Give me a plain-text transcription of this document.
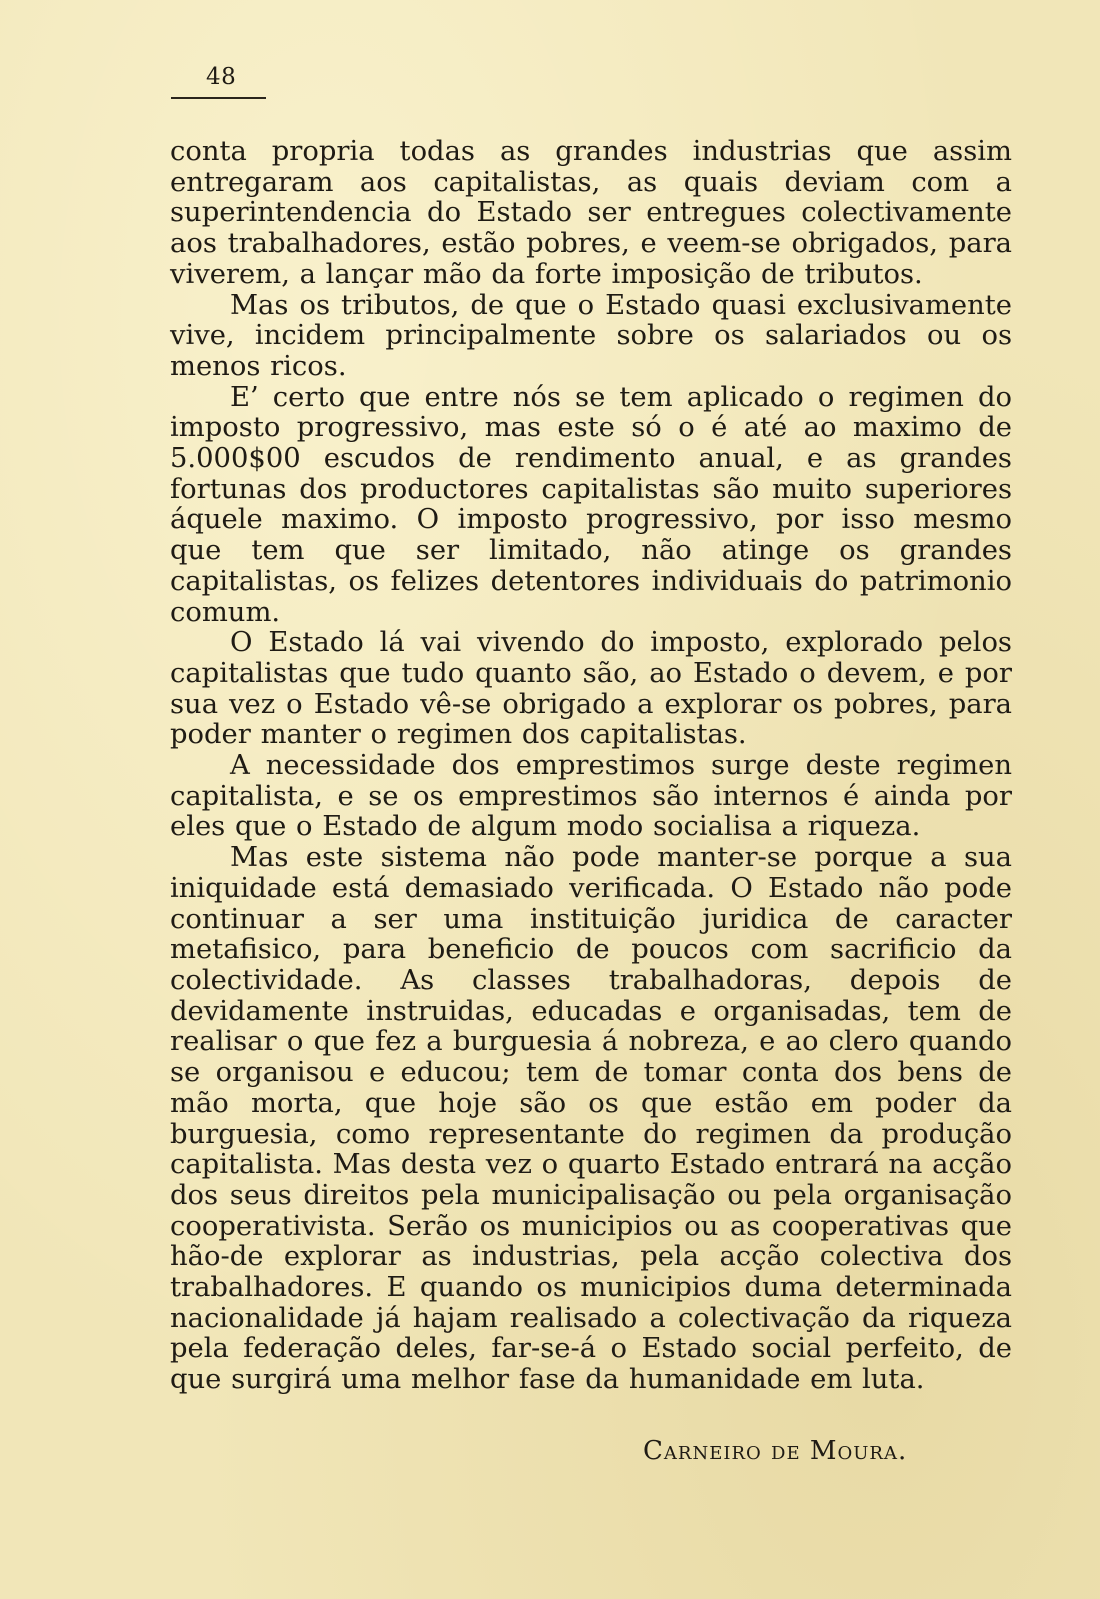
48

conta propria todas as grandes industrias que assim entregaram aos capitalistas, as quais deviam com a superintendencia do Estado ser entregues colectivamente aos trabalhadores, estão pobres, e veem-se obrigados, para viverem, a lançar mão da forte imposição de tributos.

Mas os tributos, de que o Estado quasi exclusivamente vive, incidem principalmente sobre os salariados ou os menos ricos.

E’ certo que entre nós se tem aplicado o regimen do imposto progressivo, mas este só o é até ao maximo de 5.000$00 escudos de rendimento anual, e as grandes fortunas dos productores capitalistas são muito superiores áquele maximo. O imposto progressivo, por isso mesmo que tem que ser limitado, não atinge os grandes capitalistas, os felizes detentores individuais do patrimonio comum.

O Estado lá vai vivendo do imposto, explorado pelos capitalistas que tudo quanto são, ao Estado o devem, e por sua vez o Estado vê-se obrigado a explorar os pobres, para poder manter o regimen dos capitalistas.

A necessidade dos emprestimos surge deste regimen capitalista, e se os emprestimos são internos é ainda por eles que o Estado de algum modo socialisa a riqueza.

Mas este sistema não pode manter-se porque a sua iniquidade está demasiado verificada. O Estado não pode continuar a ser uma instituição juridica de caracter metafisico, para beneficio de poucos com sacrificio da colectividade. As classes trabalhadoras, depois de devidamente instruidas, educadas e organisadas, tem de realisar o que fez a burguesia á nobreza, e ao clero quando se organisou e educou; tem de tomar conta dos bens de mão morta, que hoje são os que estão em poder da burguesia, como representante do regimen da produção capitalista. Mas desta vez o quarto Estado entrará na acção dos seus direitos pela municipalisação ou pela organisação cooperativista. Serão os municipios ou as cooperativas que hão-de explorar as industrias, pela acção colectiva dos trabalhadores. E quando os municipios duma determinada nacionalidade já hajam realisado a colectivação da riqueza pela federação deles, far-se-á o Estado social perfeito, de que surgirá uma melhor fase da humanidade em luta.

Carneiro de Moura.
